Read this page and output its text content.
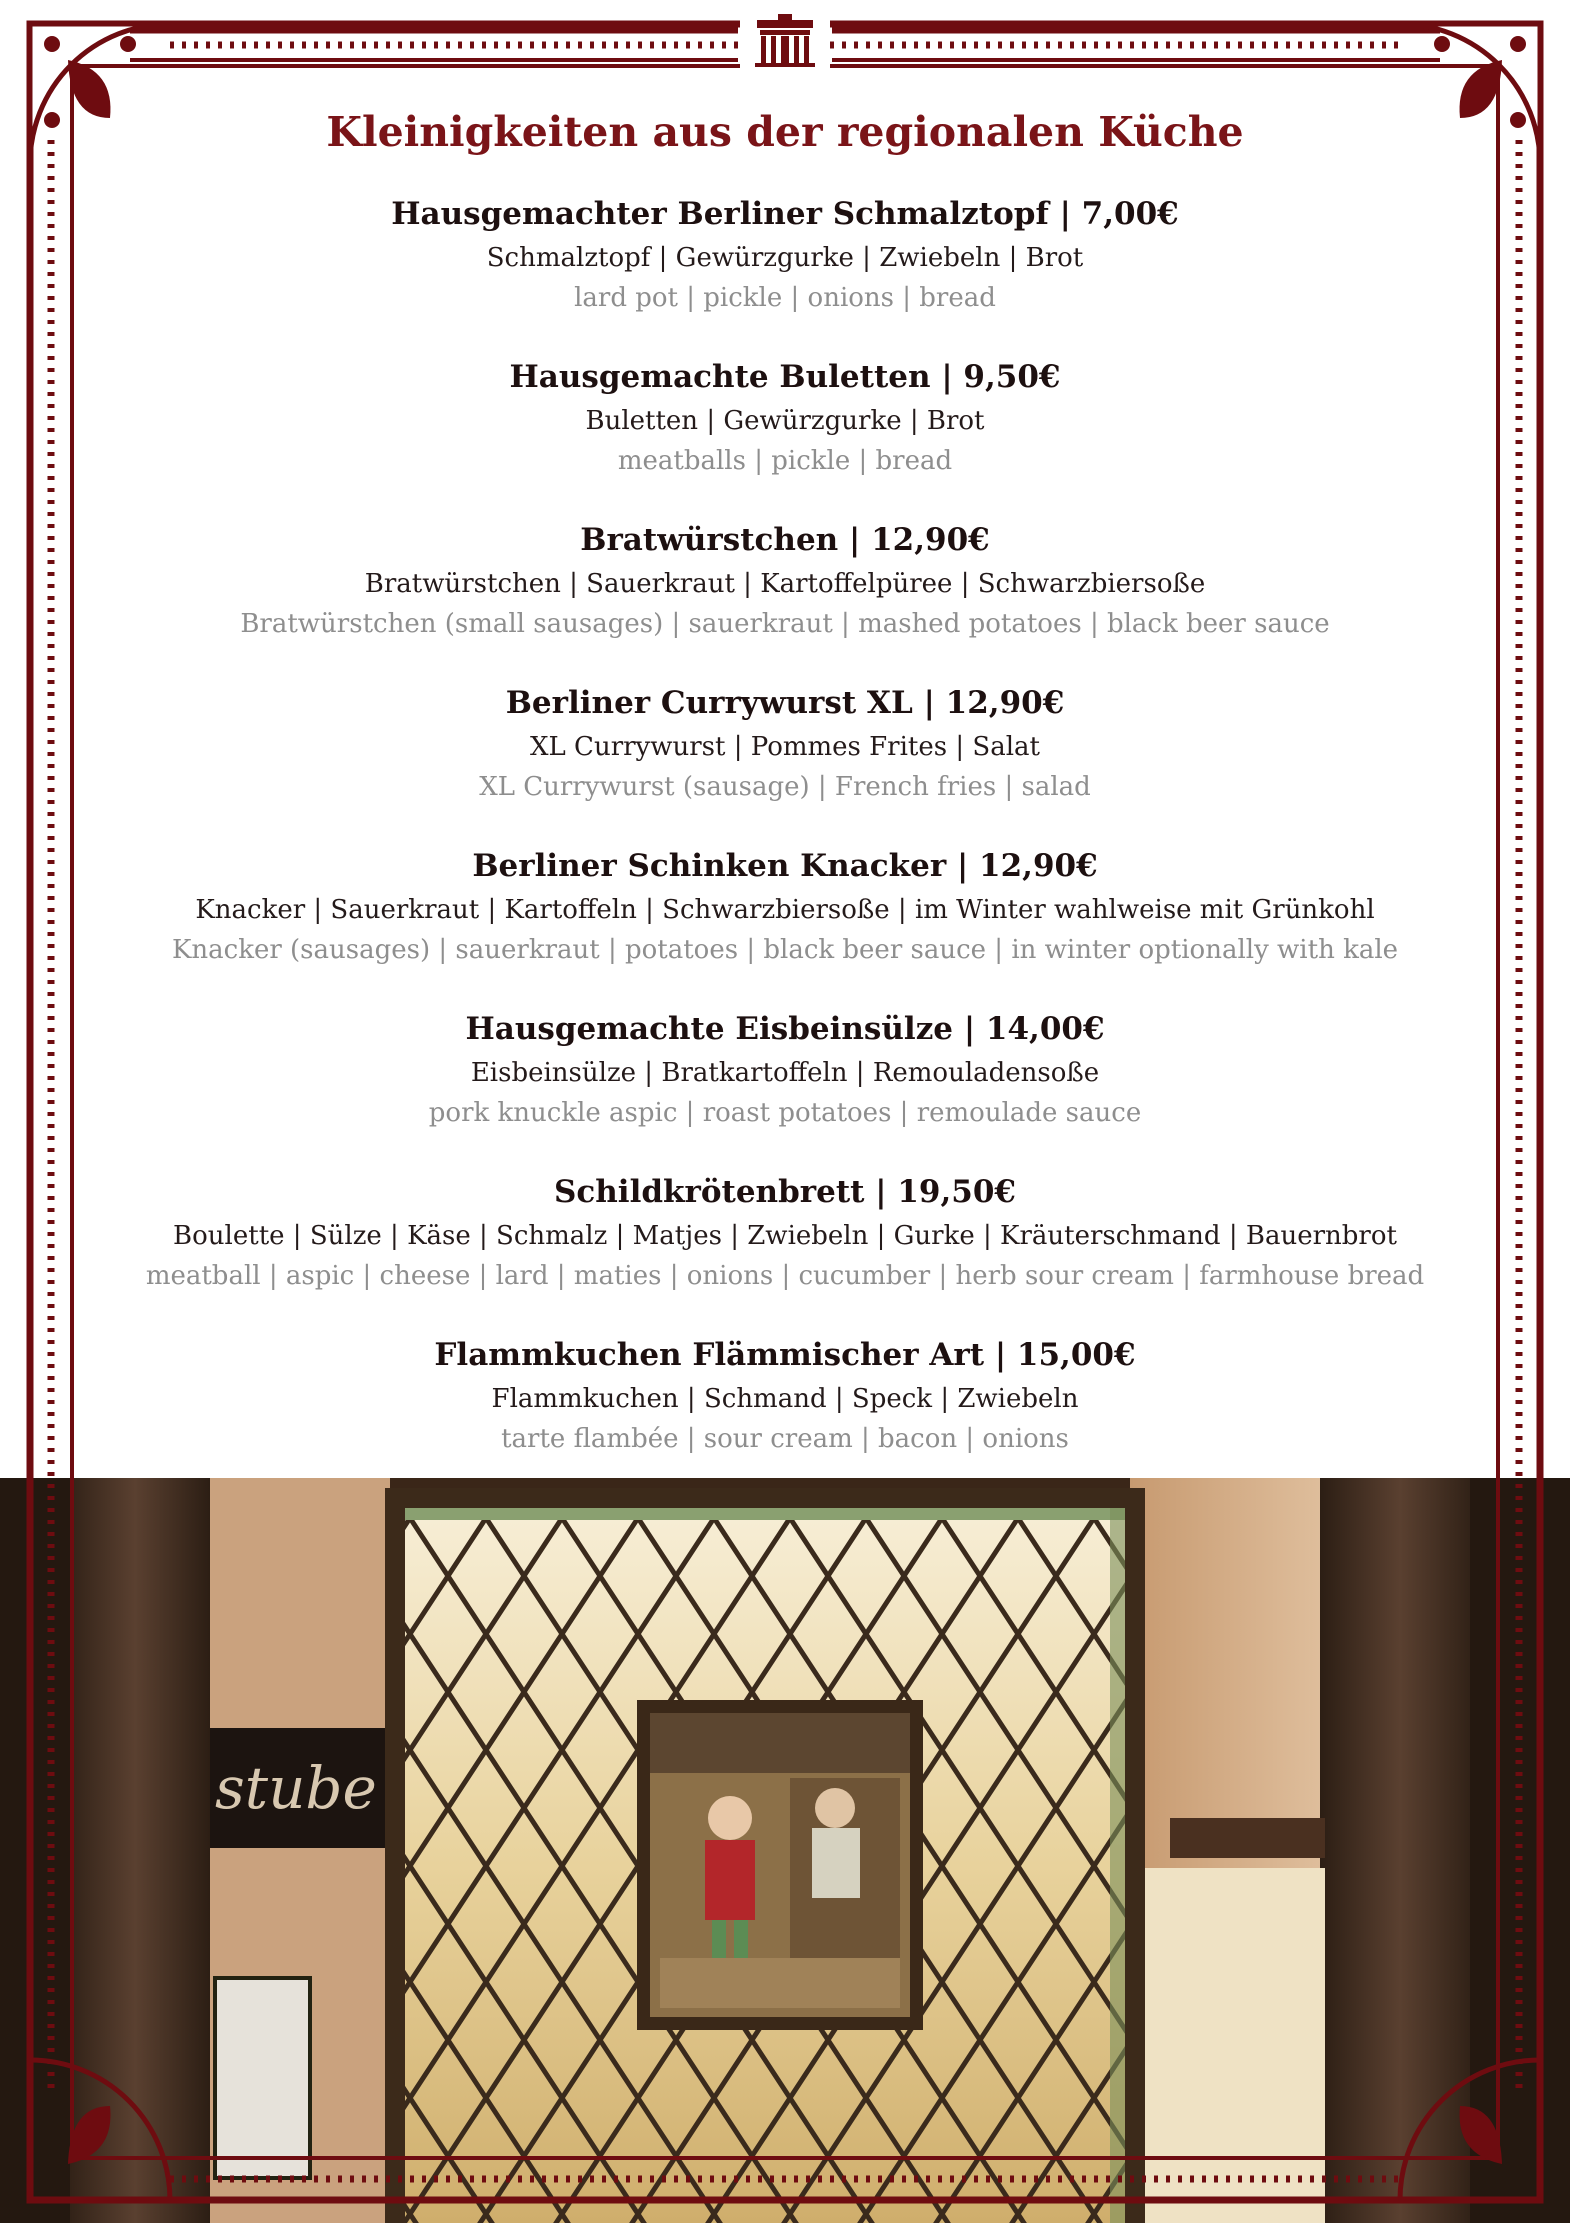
stube
Kleinigkeiten aus der regionalen Küche
Hausgemachter Berliner Schmalztopf | 7,00€
Schmalztopf | Gewürzgurke | Zwiebeln | Brot
lard pot | pickle | onions | bread
Hausgemachte Buletten | 9,50€
Buletten | Gewürzgurke | Brot
meatballs | pickle | bread
Bratwürstchen | 12,90€
Bratwürstchen | Sauerkraut | Kartoffelpüree | Schwarzbiersoße
Bratwürstchen (small sausages) | sauerkraut | mashed potatoes | black beer sauce
Berliner Currywurst XL | 12,90€
XL Currywurst | Pommes Frites | Salat
XL Currywurst (sausage) | French fries | salad
Berliner Schinken Knacker | 12,90€
Knacker | Sauerkraut | Kartoffeln | Schwarzbiersoße | im Winter wahlweise mit Grünkohl
Knacker (sausages) | sauerkraut | potatoes | black beer sauce | in winter optionally with kale
Hausgemachte Eisbeinsülze | 14,00€
Eisbeinsülze | Bratkartoffeln | Remouladensoße
pork knuckle aspic | roast potatoes | remoulade sauce
Schildkrötenbrett | 19,50€
Boulette | Sülze | Käse | Schmalz | Matjes | Zwiebeln | Gurke | Kräuterschmand | Bauernbrot
meatball | aspic | cheese | lard | maties | onions | cucumber | herb sour cream | farmhouse bread
Flammkuchen Flämmischer Art | 15,00€
Flammkuchen | Schmand | Speck | Zwiebeln
tarte flambée | sour cream | bacon | onions
